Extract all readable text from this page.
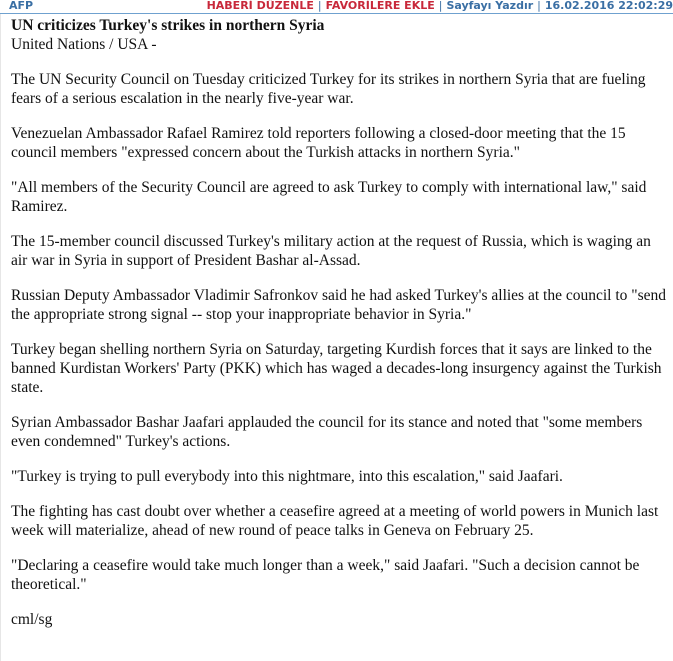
AFP	HABERİ DÜZENLE | FAVORİLERE EKLE | Sayfayı Yazdır | 16.02.2016 22:02:29
UN criticizes Turkey's strikes in northern Syria
United Nations / USA -

The UN Security Council on Tuesday criticized Turkey for its strikes in northern Syria that are fueling fears of a serious escalation in the nearly five-year war.

Venezuelan Ambassador Rafael Ramirez told reporters following a closed-door meeting that the 15 council members "expressed concern about the Turkish attacks in northern Syria."

"All members of the Security Council are agreed to ask Turkey to comply with international law," said Ramirez.

The 15-member council discussed Turkey's military action at the request of Russia, which is waging an air war in Syria in support of President Bashar al-Assad.

Russian Deputy Ambassador Vladimir Safronkov said he had asked Turkey's allies at the council to "send the appropriate strong signal -- stop your inappropriate behavior in Syria."

Turkey began shelling northern Syria on Saturday, targeting Kurdish forces that it says are linked to the banned Kurdistan Workers' Party (PKK) which has waged a decades-long insurgency against the Turkish state.

Syrian Ambassador Bashar Jaafari applauded the council for its stance and noted that "some members even condemned" Turkey's actions.

"Turkey is trying to pull everybody into this nightmare, into this escalation," said Jaafari.

The fighting has cast doubt over whether a ceasefire agreed at a meeting of world powers in Munich last week will materialize, ahead of new round of peace talks in Geneva on February 25.

"Declaring a ceasefire would take much longer than a week," said Jaafari. "Such a decision cannot be theoretical."

cml/sg
